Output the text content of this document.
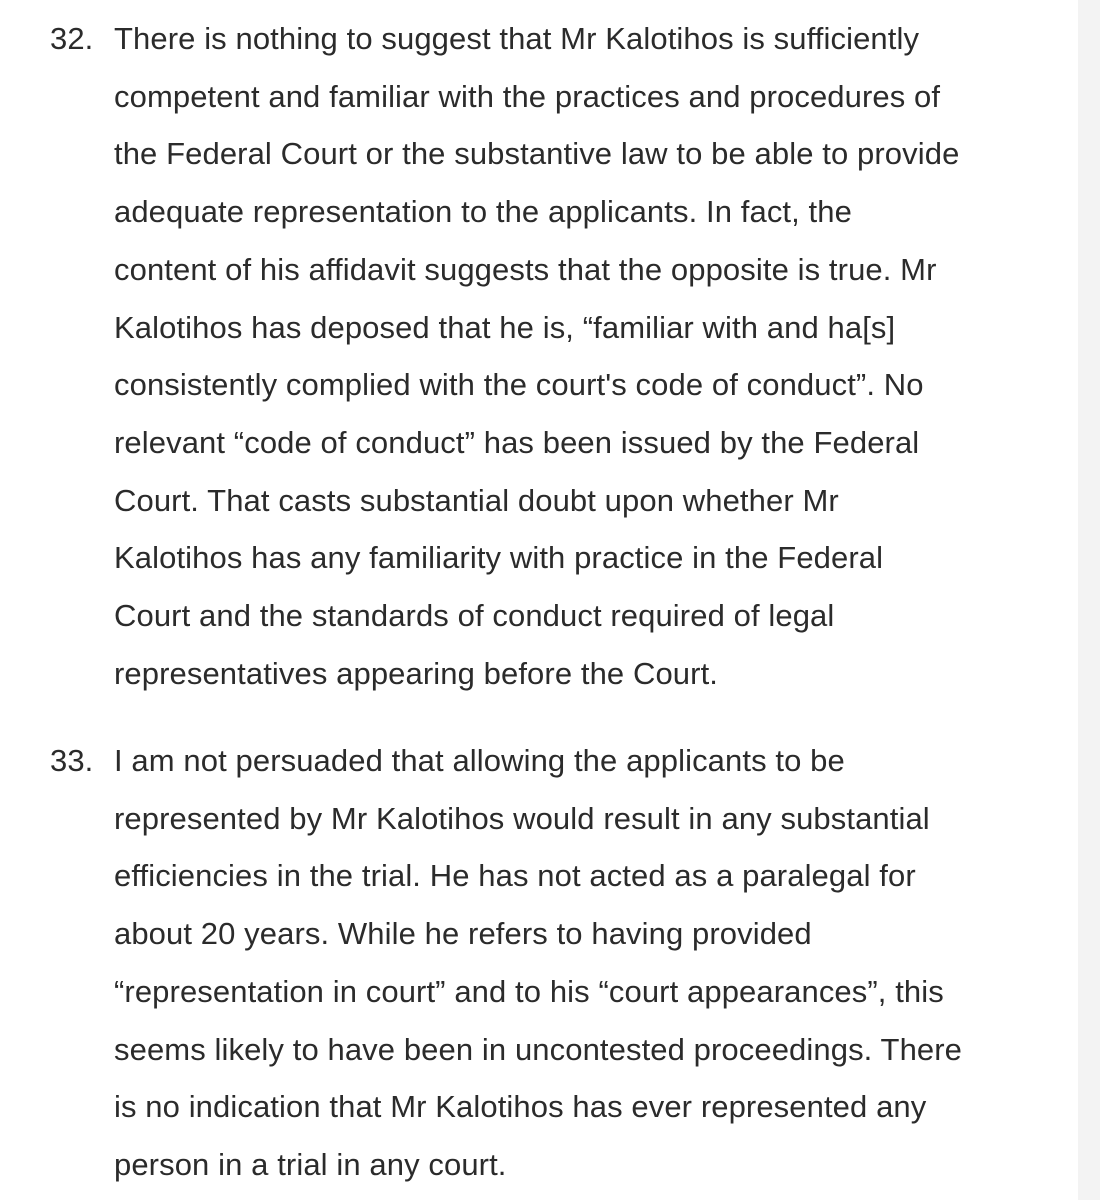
32. There is nothing to suggest that Mr Kalotihos is sufficiently
competent and familiar with the practices and procedures of
the Federal Court or the substantive law to be able to provide
adequate representation to the applicants. In fact, the
content of his affidavit suggests that the opposite is true. Mr
Kalotihos has deposed that he is, “familiar with and ha[s]
consistently complied with the court's code of conduct”. No
relevant “code of conduct” has been issued by the Federal
Court. That casts substantial doubt upon whether Mr
Kalotihos has any familiarity with practice in the Federal
Court and the standards of conduct required of legal
representatives appearing before the Court.
33. I am not persuaded that allowing the applicants to be
represented by Mr Kalotihos would result in any substantial
efficiencies in the trial. He has not acted as a paralegal for
about 20 years. While he refers to having provided
“representation in court” and to his “court appearances”, this
seems likely to have been in uncontested proceedings. There
is no indication that Mr Kalotihos has ever represented any
person in a trial in any court.
